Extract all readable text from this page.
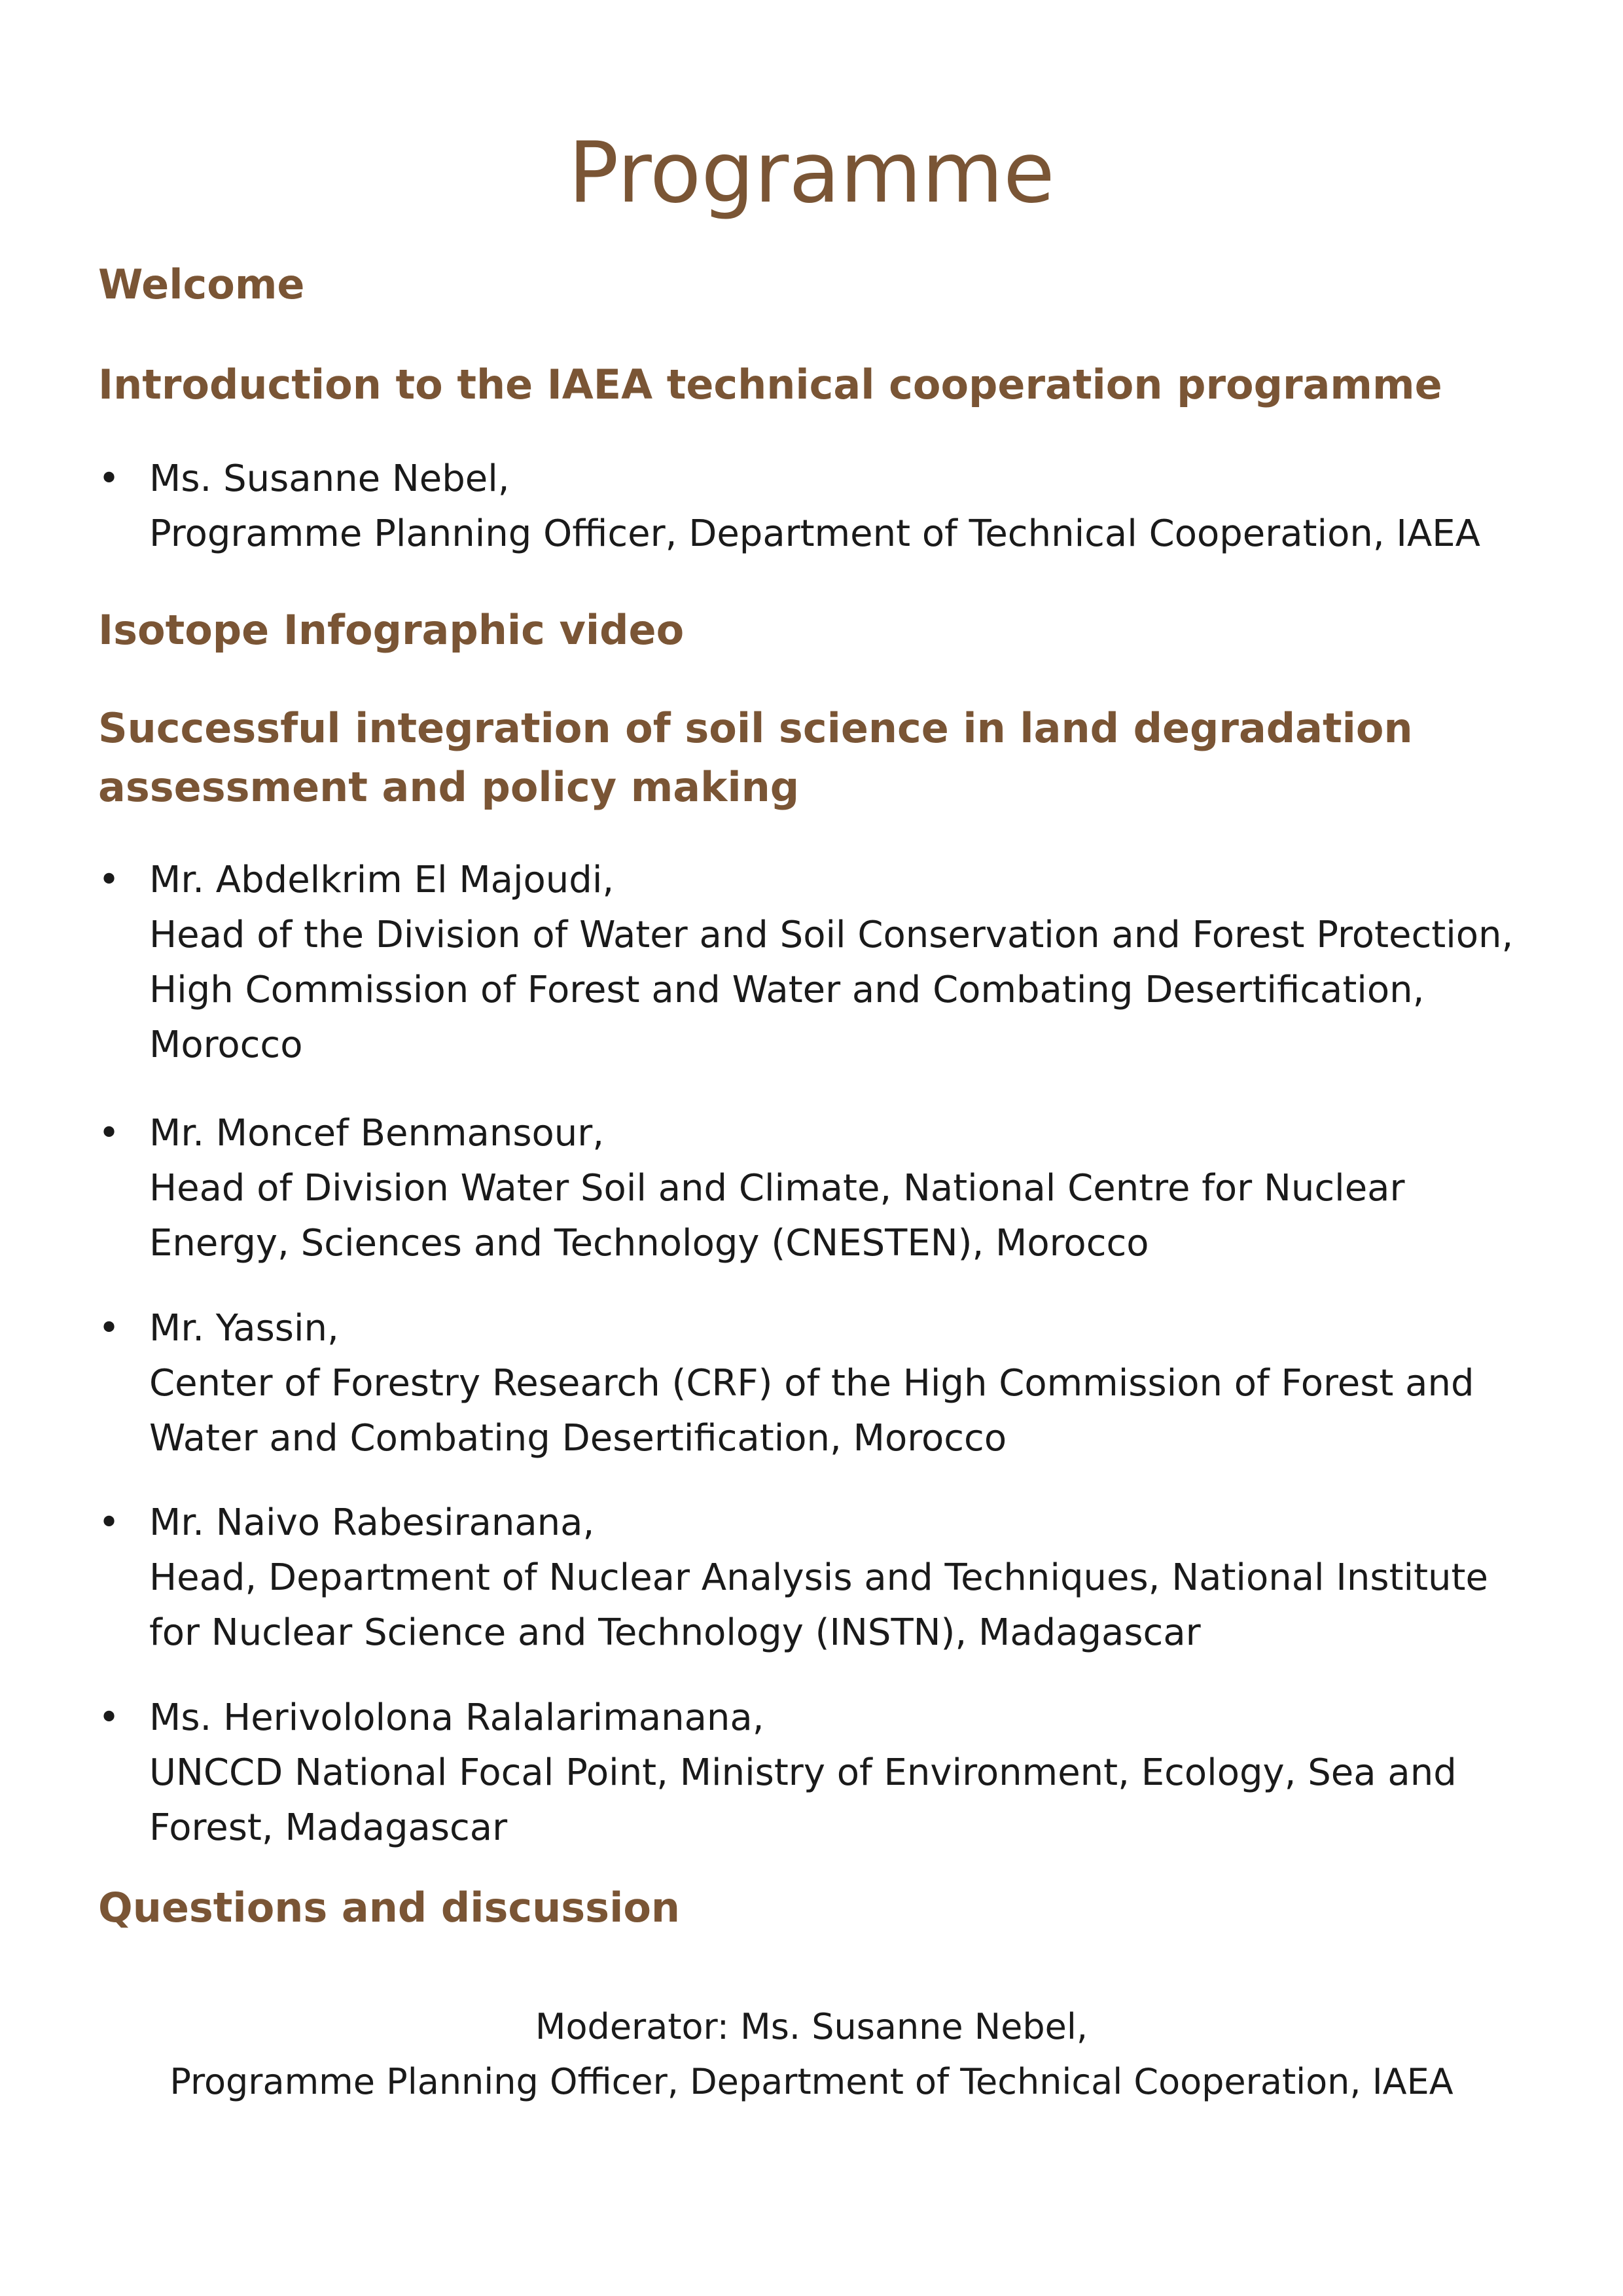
Programme
Welcome
Introduction to the IAEA technical cooperation programme
• Ms. Susanne Nebel,
Programme Planning Officer, Department of Technical Cooperation, IAEA
Isotope Infographic video
Successful integration of soil science in land degradation
assessment and policy making
• Mr. Abdelkrim El Majoudi,
Head of the Division of Water and Soil Conservation and Forest Protection,
High Commission of Forest and Water and Combating Desertification,
Morocco
• Mr. Moncef Benmansour,
Head of Division Water Soil and Climate, National Centre for Nuclear
Energy, Sciences and Technology (CNESTEN), Morocco
• Mr. Yassin,
Center of Forestry Research (CRF) of the High Commission of Forest and
Water and Combating Desertification, Morocco
• Mr. Naivo Rabesiranana,
Head, Department of Nuclear Analysis and Techniques, National Institute
for Nuclear Science and Technology (INSTN), Madagascar
• Ms. Herivololona Ralalarimanana,
UNCCD National Focal Point, Ministry of Environment, Ecology, Sea and
Forest, Madagascar
Questions and discussion
Moderator: Ms. Susanne Nebel,
Programme Planning Officer, Department of Technical Cooperation, IAEA
